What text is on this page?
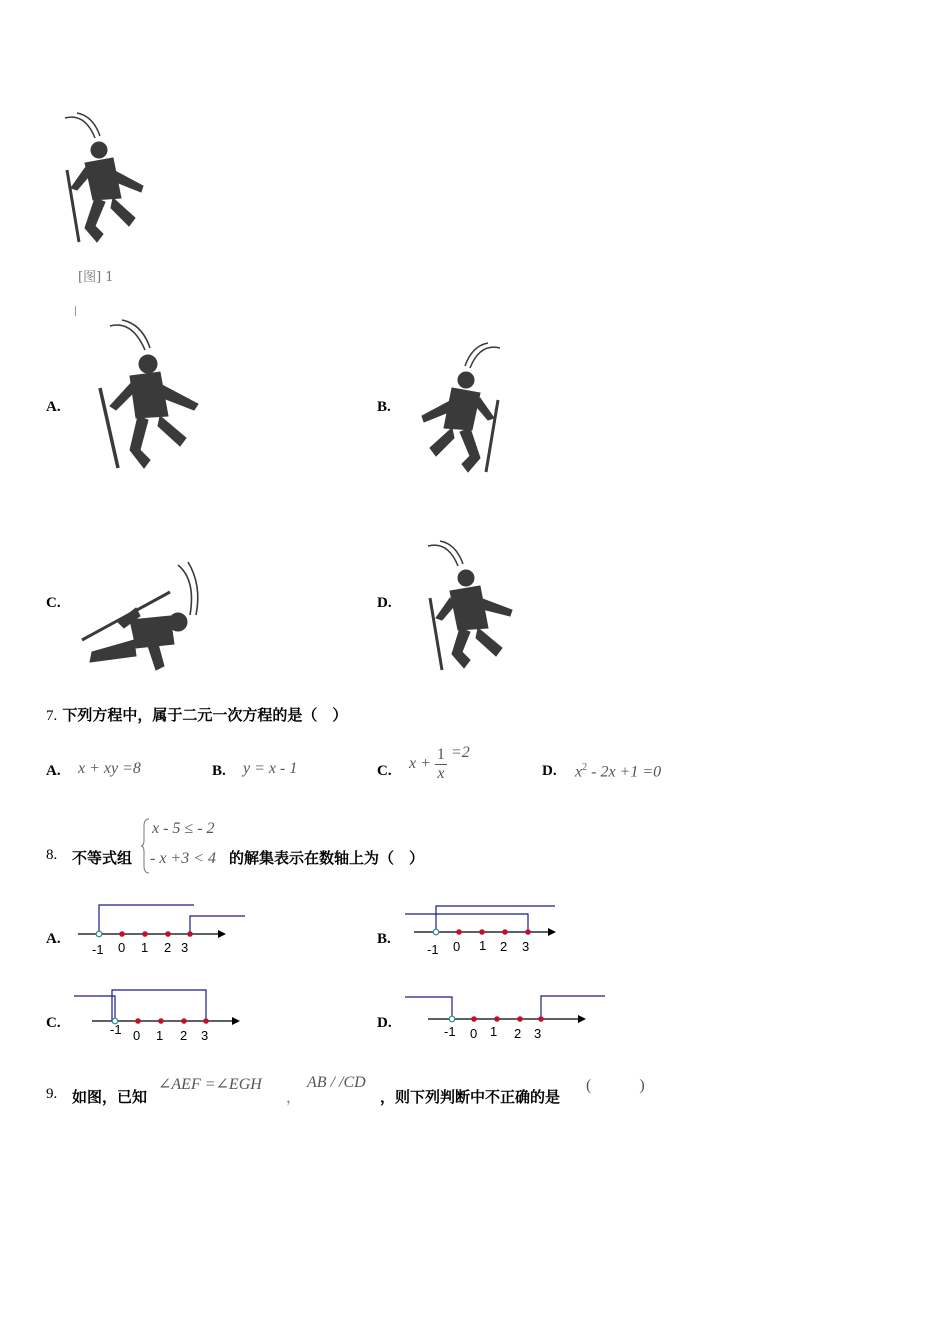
[图] 1
A.	B.
C.	D.
7. 下列方程中，属于二元一次方程的是（　）
A. x + xy =8	B. y = x - 1	C. $x + \frac{1}{x} =2$
D. $x^2 - 2x +1 =0$
8. 不等式组
x - 5 ≤ - 2
- x +3 < 4 的解集表示在数轴上为（　）
A.
-1 0 1 2 3
B.
-1 0 1 2 3
C.	-1 0 1 2 3
D.
-1 0 1 2 3
9. 如图，已知
∠AEF =∠EGH
，
AB / /CD
，则下列判断中不正确的是
(　　　)
